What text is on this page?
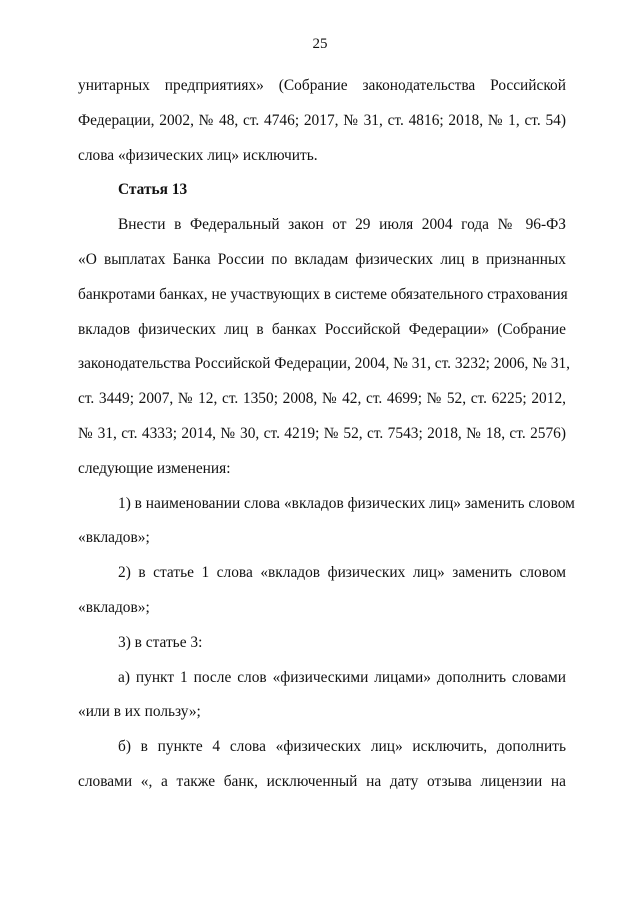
25
унитарных предприятиях» (Собрание законодательства Российской
Федерации, 2002, № 48, ст. 4746; 2017, № 31, ст. 4816; 2018, № 1, ст. 54)
слова «физических лиц» исключить.
Статья 13
Внести в Федеральный закон от 29 июля 2004 года № 96-ФЗ
«О выплатах Банка России по вкладам физических лиц в признанных
банкротами банках, не участвующих в системе обязательного страхования
вкладов физических лиц в банках Российской Федерации» (Собрание
законодательства Российской Федерации, 2004, № 31, ст. 3232; 2006, № 31,
ст. 3449; 2007, № 12, ст. 1350; 2008, № 42, ст. 4699; № 52, ст. 6225; 2012,
№ 31, ст. 4333; 2014, № 30, ст. 4219; № 52, ст. 7543; 2018, № 18, ст. 2576)
следующие изменения:
1) в наименовании слова «вкладов физических лиц» заменить словом
«вкладов»;
2) в статье 1 слова «вкладов физических лиц» заменить словом
«вкладов»;
3) в статье 3:
а) пункт 1 после слов «физическими лицами» дополнить словами
«или в их пользу»;
б) в пункте 4 слова «физических лиц» исключить, дополнить
словами «, а также банк, исключенный на дату отзыва лицензии на
